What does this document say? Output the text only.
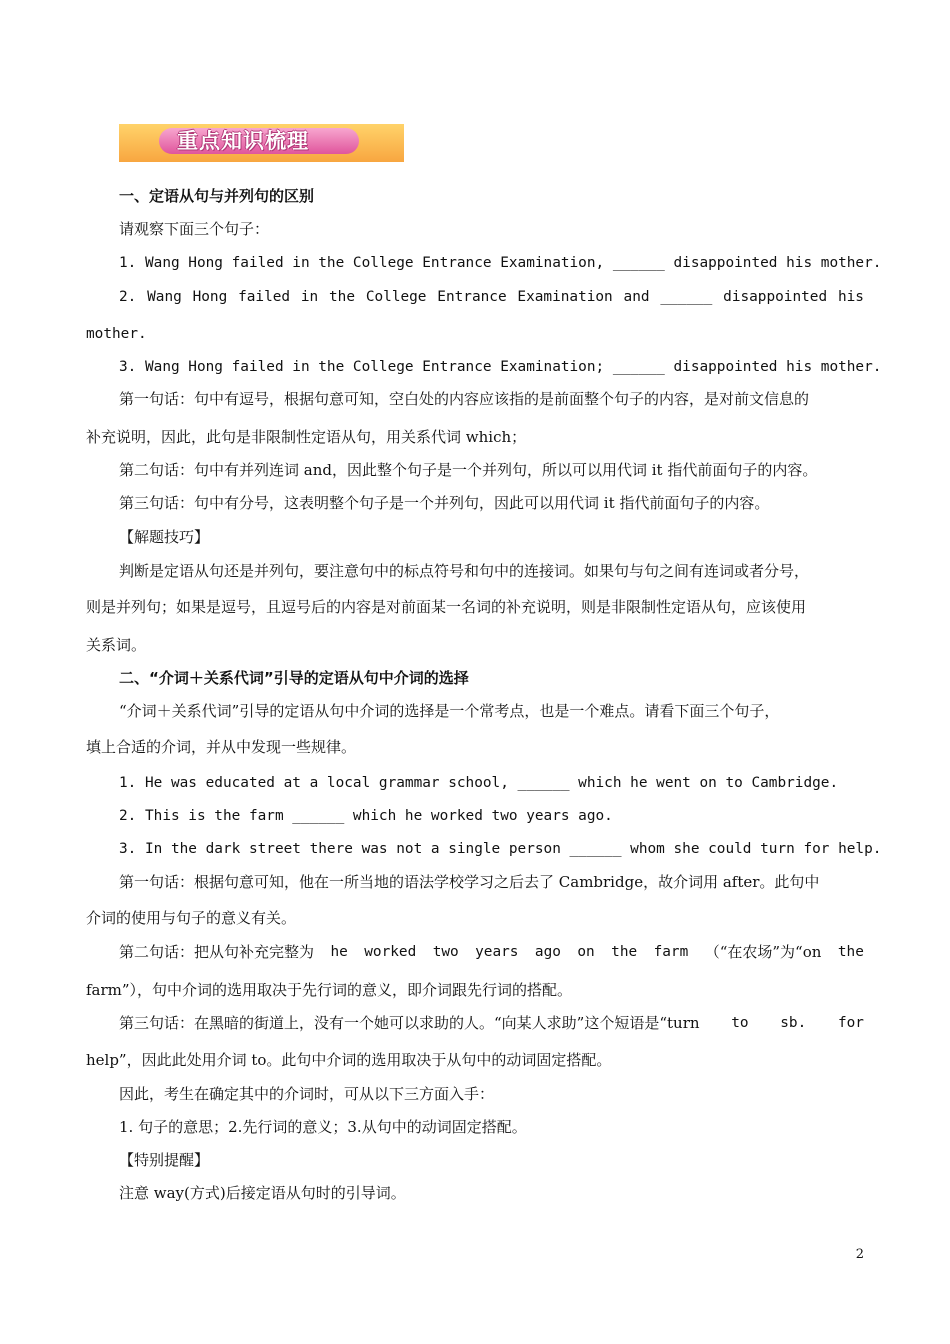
重点知识梳理
一、定语从句与并列句的区别
请观察下面三个句子：
1. Wang Hong failed in the College Entrance Examination, ______ disappointed his mother.
2. Wang Hong failed in the College Entrance Examination and ______ disappointed his
mother.
3. Wang Hong failed in the College Entrance Examination; ______ disappointed his mother.
第一句话：句中有逗号，根据句意可知，空白处的内容应该指的是前面整个句子的内容，是对前文信息的
补充说明，因此，此句是非限制性定语从句，用关系代词 which；
第二句话：句中有并列连词 and，因此整个句子是一个并列句，所以可以用代词 it 指代前面句子的内容。
第三句话：句中有分号，这表明整个句子是一个并列句，因此可以用代词 it 指代前面句子的内容。
【解题技巧】
判断是定语从句还是并列句，要注意句中的标点符号和句中的连接词。如果句与句之间有连词或者分号，
则是并列句；如果是逗号，且逗号后的内容是对前面某一名词的补充说明，则是非限制性定语从句，应该使用
关系词。
二、“介词＋关系代词”引导的定语从句中介词的选择
“介词＋关系代词”引导的定语从句中介词的选择是一个常考点，也是一个难点。请看下面三个句子，
填上合适的介词，并从中发现一些规律。
1. He was educated at a local grammar school, ______ which he went on to Cambridge.
2. This is the farm ______ which he worked two years ago.
3. In the dark street there was not a single person ______ whom she could turn for help.
第一句话：根据句意可知，他在一所当地的语法学校学习之后去了 Cambridge，故介词用 after。此句中
介词的使用与句子的意义有关。
第二句话：把从句补充完整为 he worked two years ago on the farm （“在农场”为“on the
farm”），句中介词的选用取决于先行词的意义，即介词跟先行词的搭配。
第三句话：在黑暗的街道上，没有一个她可以求助的人。“向某人求助”这个短语是“turn to sb. for
help”，因此此处用介词 to。此句中介词的选用取决于从句中的动词固定搭配。
因此，考生在确定其中的介词时，可从以下三方面入手：
1. 句子的意思；2.先行词的意义；3.从句中的动词固定搭配。
【特别提醒】
注意 way(方式)后接定语从句时的引导词。
2
